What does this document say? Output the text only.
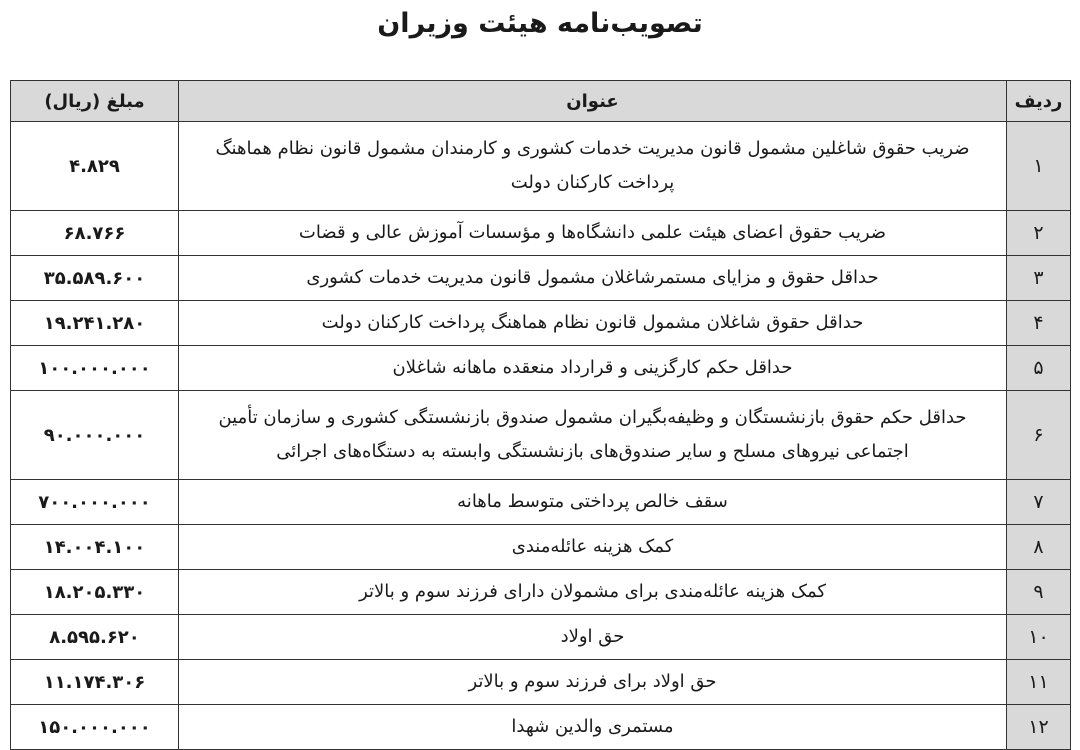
تصویب‌نامه هیئت وزیران
ردیف	عنوان	مبلغ (ریال)
۱	ضریب حقوق شاغلین مشمول قانون مدیریت خدمات کشوری و کارمندان مشمول قانون نظام هماهنگ پرداخت کارکنان دولت	۴.۸۲۹
۲	ضریب حقوق اعضای هیئت علمی دانشگاه‌ها و مؤسسات آموزش عالی و قضات	۶۸.۷۶۶
۳	حداقل حقوق و مزایای مستمرشاغلان مشمول قانون مدیریت خدمات کشوری	۳۵.۵۸۹.۶۰۰
۴	حداقل حقوق شاغلان مشمول قانون نظام هماهنگ پرداخت کارکنان دولت	۱۹.۲۴۱.۲۸۰
۵	حداقل حکم کارگزینی و قرارداد منعقده ماهانه شاغلان	۱۰۰.۰۰۰.۰۰۰
۶	حداقل حکم حقوق بازنشستگان و وظیفه‌بگیران مشمول صندوق بازنشستگی کشوری و سازمان تأمین اجتماعی نیروهای مسلح و سایر صندوق‌های بازنشستگی وابسته به دستگاه‌های اجرائی	۹۰.۰۰۰.۰۰۰
۷	سقف خالص پرداختی متوسط ماهانه	۷۰۰.۰۰۰.۰۰۰
۸	کمک هزینه عائله‌مندی	۱۴.۰۰۴.۱۰۰
۹	کمک هزینه عائله‌مندی برای مشمولان دارای فرزند سوم و بالاتر	۱۸.۲۰۵.۳۳۰
۱۰	حق اولاد	۸.۵۹۵.۶۲۰
۱۱	حق اولاد برای فرزند سوم و بالاتر	۱۱.۱۷۴.۳۰۶
۱۲	مستمری والدین شهدا	۱۵۰.۰۰۰.۰۰۰
